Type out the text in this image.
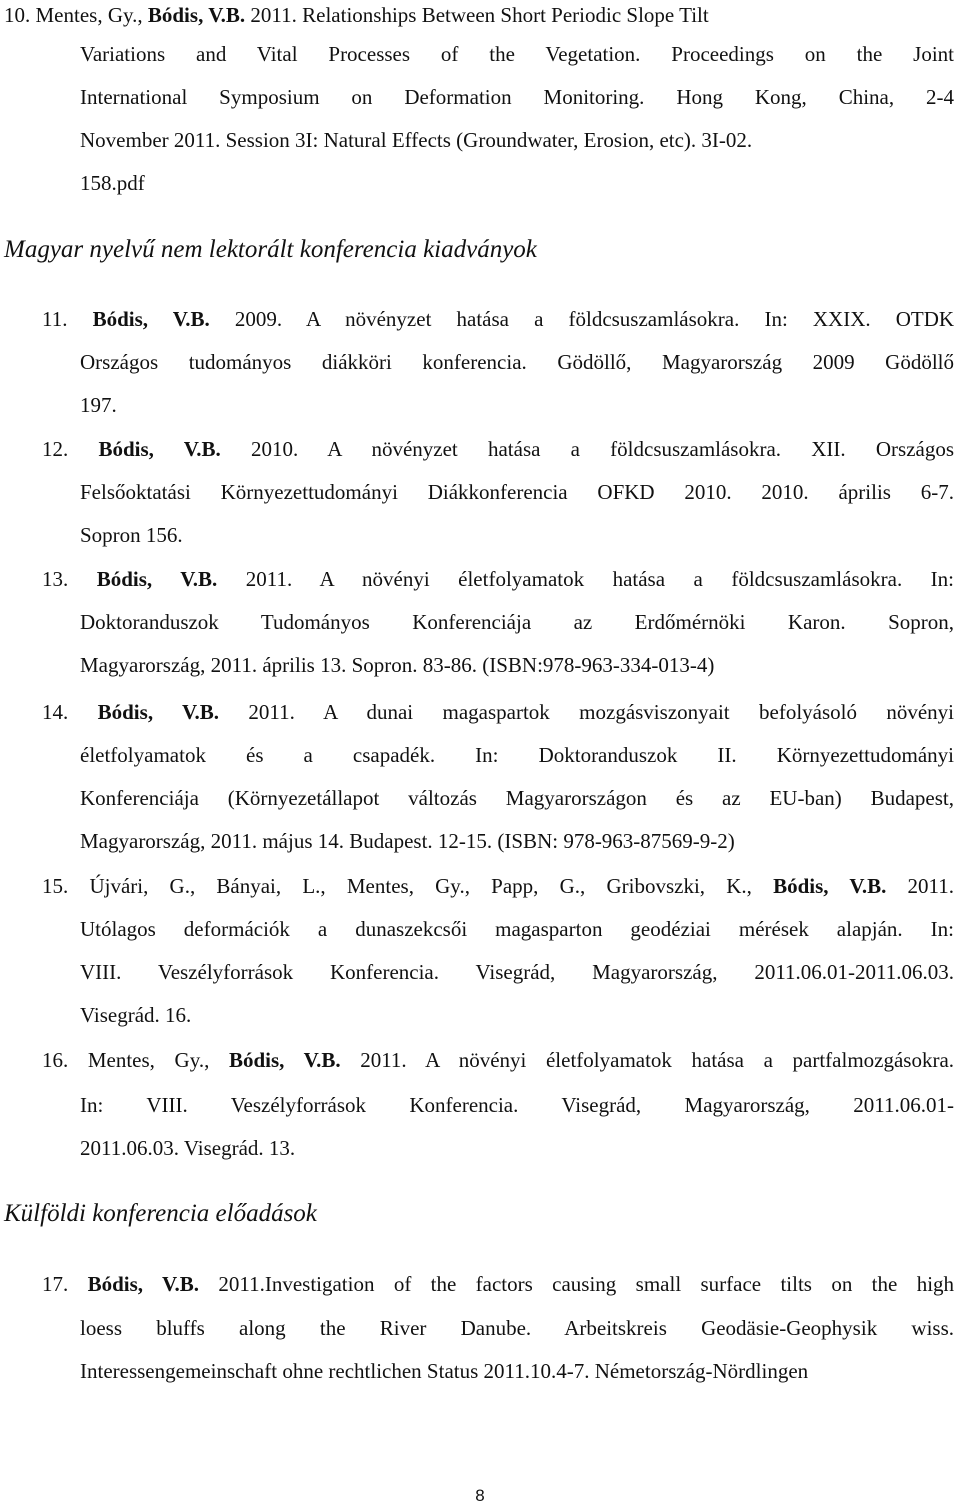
10. Mentes, Gy., Bódis, V.B. 2011. Relationships Between Short Periodic Slope Tilt
Variations and Vital Processes of the Vegetation. Proceedings on the Joint
International Symposium on Deformation Monitoring. Hong Kong, China, 2-4
November 2011. Session 3I: Natural Effects (Groundwater, Erosion, etc). 3I-02.
158.pdf
Magyar nyelvű nem lektorált konferencia kiadványok
11. Bódis, V.B. 2009. A növényzet hatása a földcsuszamlásokra. In: XXIX. OTDK
Országos tudományos diákköri konferencia. Gödöllő, Magyarország 2009 Gödöllő
197.
12. Bódis, V.B. 2010. A növényzet hatása a földcsuszamlásokra. XII. Országos
Felsőoktatási Környezettudományi Diákkonferencia OFKD 2010. 2010. április 6-7.
Sopron 156.
13. Bódis, V.B. 2011. A növényi életfolyamatok hatása a földcsuszamlásokra. In:
Doktoranduszok Tudományos Konferenciája az Erdőmérnöki Karon. Sopron,
Magyarország, 2011. április 13. Sopron. 83-86. (ISBN:978-963-334-013-4)
14. Bódis, V.B. 2011. A dunai magaspartok mozgásviszonyait befolyásoló növényi
életfolyamatok és a csapadék. In: Doktoranduszok II. Környezettudományi
Konferenciája (Környezetállapot változás Magyarországon és az EU-ban) Budapest,
Magyarország, 2011. május 14. Budapest. 12-15. (ISBN: 978-963-87569-9-2)
15. Újvári, G., Bányai, L., Mentes, Gy., Papp, G., Gribovszki, K., Bódis, V.B. 2011.
Utólagos deformációk a dunaszekcsői magasparton geodéziai mérések alapján. In:
VIII. Veszélyforrások Konferencia. Visegrád, Magyarország, 2011.06.01-2011.06.03.
Visegrád. 16.
16. Mentes, Gy., Bódis, V.B. 2011. A növényi életfolyamatok hatása a partfalmozgásokra.
In: VIII. Veszélyforrások Konferencia. Visegrád, Magyarország, 2011.06.01-
2011.06.03. Visegrád. 13.
Külföldi konferencia előadások
17. Bódis, V.B. 2011.Investigation of the factors causing small surface tilts on the high
loess bluffs along the River Danube. Arbeitskreis Geodäsie-Geophysik wiss.
Interessengemeinschaft ohne rechtlichen Status 2011.10.4-7. Németország-Nördlingen
8
